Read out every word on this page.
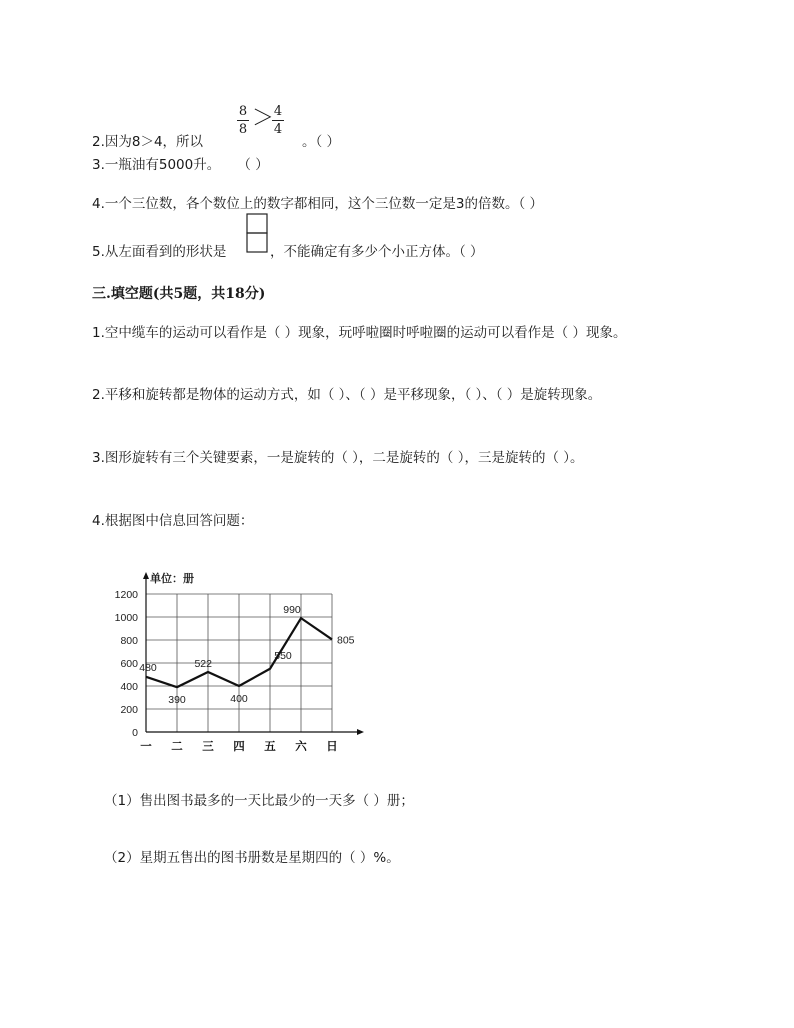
2.因为8＞4，所以
8
8 ＞ 4
4
。（ ）
3.一瓶油有5000升。    （ ）
4.一个三位数，各个数位上的数字都相同，这个三位数一定是3的倍数。（ ）
5.从左面看到的形状是	，不能确定有多少个小正方体。（ ）
三.填空题(共5题，共18分)
1.空中缆车的运动可以看作是（ ）现象，玩呼啦圈时呼啦圈的运动可以看作是（ ）现象。
2.平移和旋转都是物体的运动方式，如（ ）、（ ）是平移现象，（ ）、（ ）是旋转现象。
3.图形旋转有三个关键要素，一是旋转的（ ），二是旋转的（ ），三是旋转的（ ）。
4.根据图中信息回答问题：
单位：册
0
200
400
600
800
1000
1200
一 二 三 四 五 六 日
480
390
522
400
550
990
805
（1）售出图书最多的一天比最少的一天多（ ）册；
（2）星期五售出的图书册数是星期四的（ ）%。
